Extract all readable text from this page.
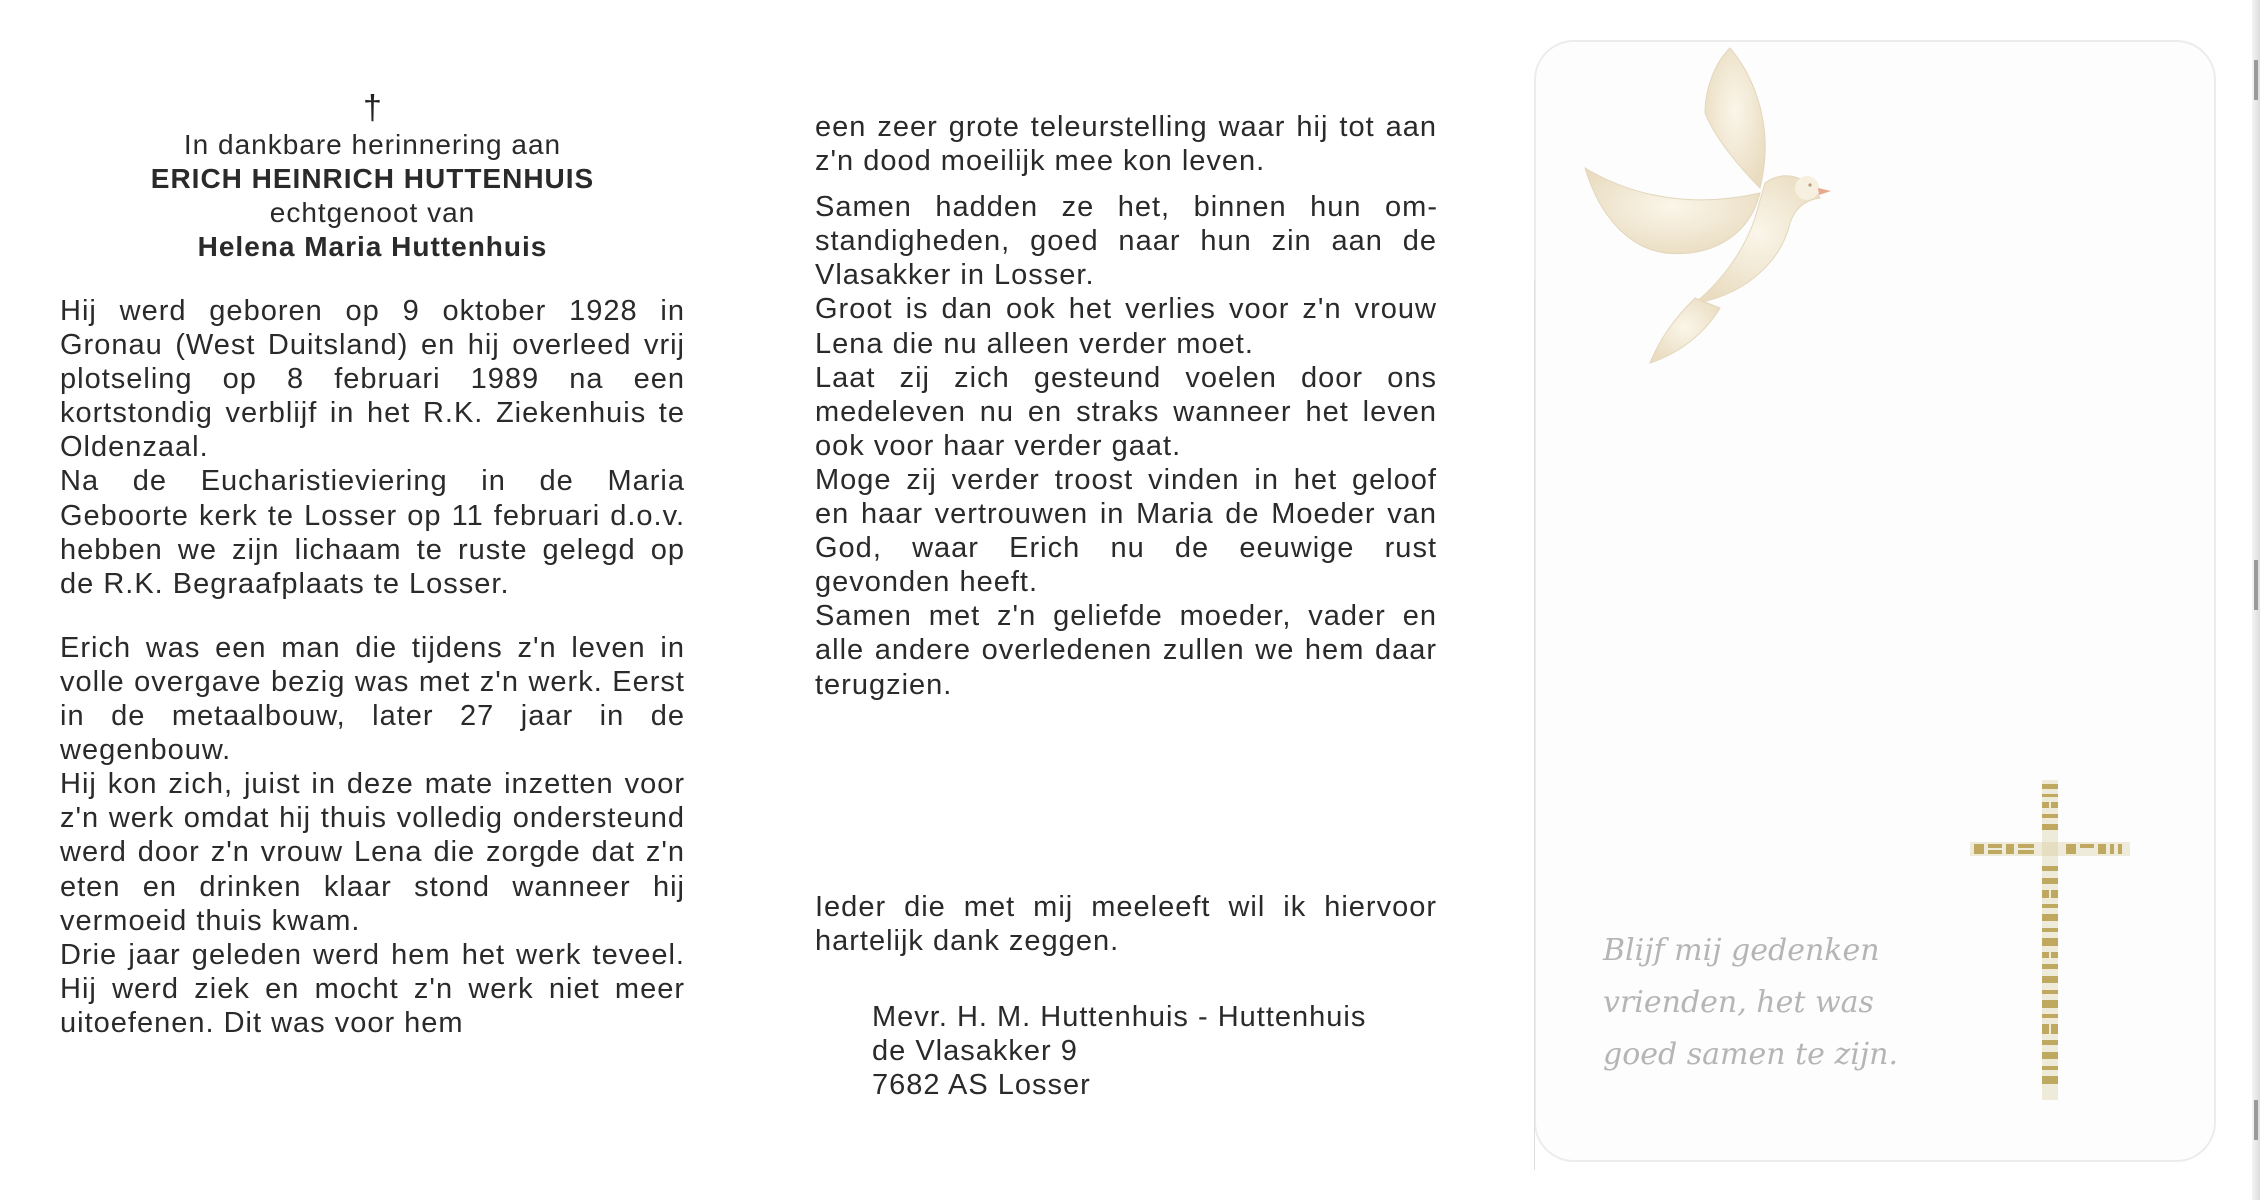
†
In dankbare herinnering aan
ERICH HEINRICH HUTTENHUIS
echtgenoot van
Helena Maria Huttenhuis

Hij werd geboren op 9 oktober 1928 in Gronau (West Duitsland) en hij overleed vrij plotseling op 8 februari 1989 na een kortstondig verblijf in het R.K. Ziekenhuis te Oldenzaal.

Na de Eucharistieviering in de Maria Geboorte kerk te Losser op 11 februari d.o.v. hebben we zijn lichaam te ruste gelegd op de R.K. Begraafplaats te Losser.

Erich was een man die tijdens z'n leven in volle overgave bezig was met z'n werk. Eerst in de metaalbouw, later 27 jaar in de wegenbouw.

Hij kon zich, juist in deze mate inzetten voor z'n werk omdat hij thuis volledig ondersteund werd door z'n vrouw Lena die zorgde dat z'n eten en drinken klaar stond wanneer hij vermoeid thuis kwam.

Drie jaar geleden werd hem het werk teveel. Hij werd ziek en mocht z'n werk niet meer uitoefenen. Dit was voor hem

een zeer grote teleurstelling waar hij tot aan z'n dood moeilijk mee kon leven.

Samen hadden ze het, binnen hun omstandigheden, goed naar hun zin aan de Vlasakker in Losser.

Groot is dan ook het verlies voor z'n vrouw Lena die nu alleen verder moet.

Laat zij zich gesteund voelen door ons medeleven nu en straks wanneer het leven ook voor haar verder gaat.

Moge zij verder troost vinden in het geloof en haar vertrouwen in Maria de Moeder van God, waar Erich nu de eeuwige rust gevonden heeft.

Samen met z'n geliefde moeder, vader en alle andere overledenen zullen we hem daar terugzien.

Ieder die met mij meeleeft wil ik hiervoor hartelijk dank zeggen.

Mevr. H. M. Huttenhuis - Huttenhuis
de Vlasakker 9
7682 AS Losser
Blijf mij gedenken
vrienden, het was
goed samen te zijn.
